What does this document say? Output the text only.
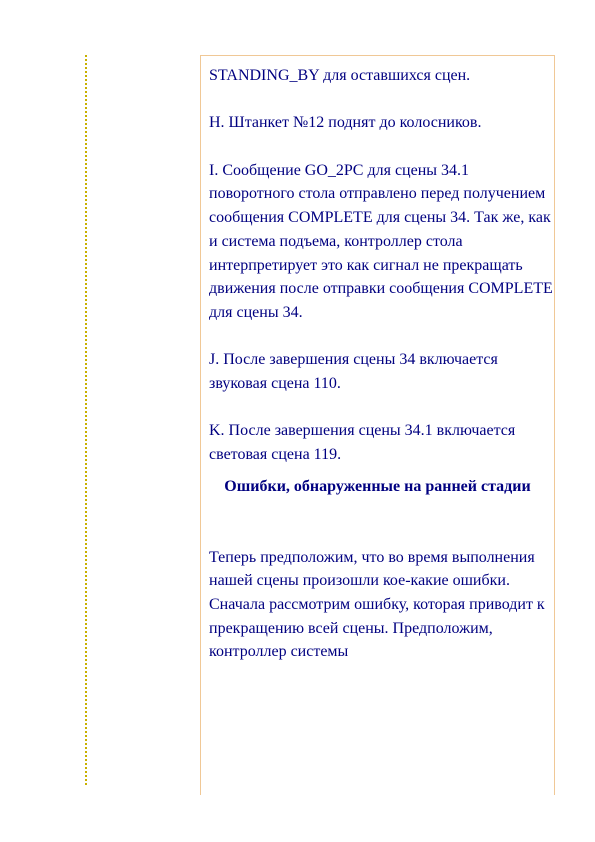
STANDING_BY для оставшихся сцен.

H. Штанкет №12 поднят до колосников.

I. Сообщение GO_2PC для сцены 34.1 поворотного стола отправлено перед получением сообщения COMPLETE для сцены 34. Так же, как и система подъема, контроллер стола интерпретирует это как сигнал не прекращать движения после отправки сообщения COMPLETE для сцены 34.

J. После завершения сцены 34 включается звуковая сцена 110.

K. После завершения сцены 34.1 включается световая сцена 119.

Ошибки, обнаруженные на ранней стадии

Теперь предположим, что во время выполнения нашей сцены произошли кое-какие ошибки. Сначала рассмотрим ошибку, которая приводит к прекращению всей сцены. Предположим, контроллер системы
